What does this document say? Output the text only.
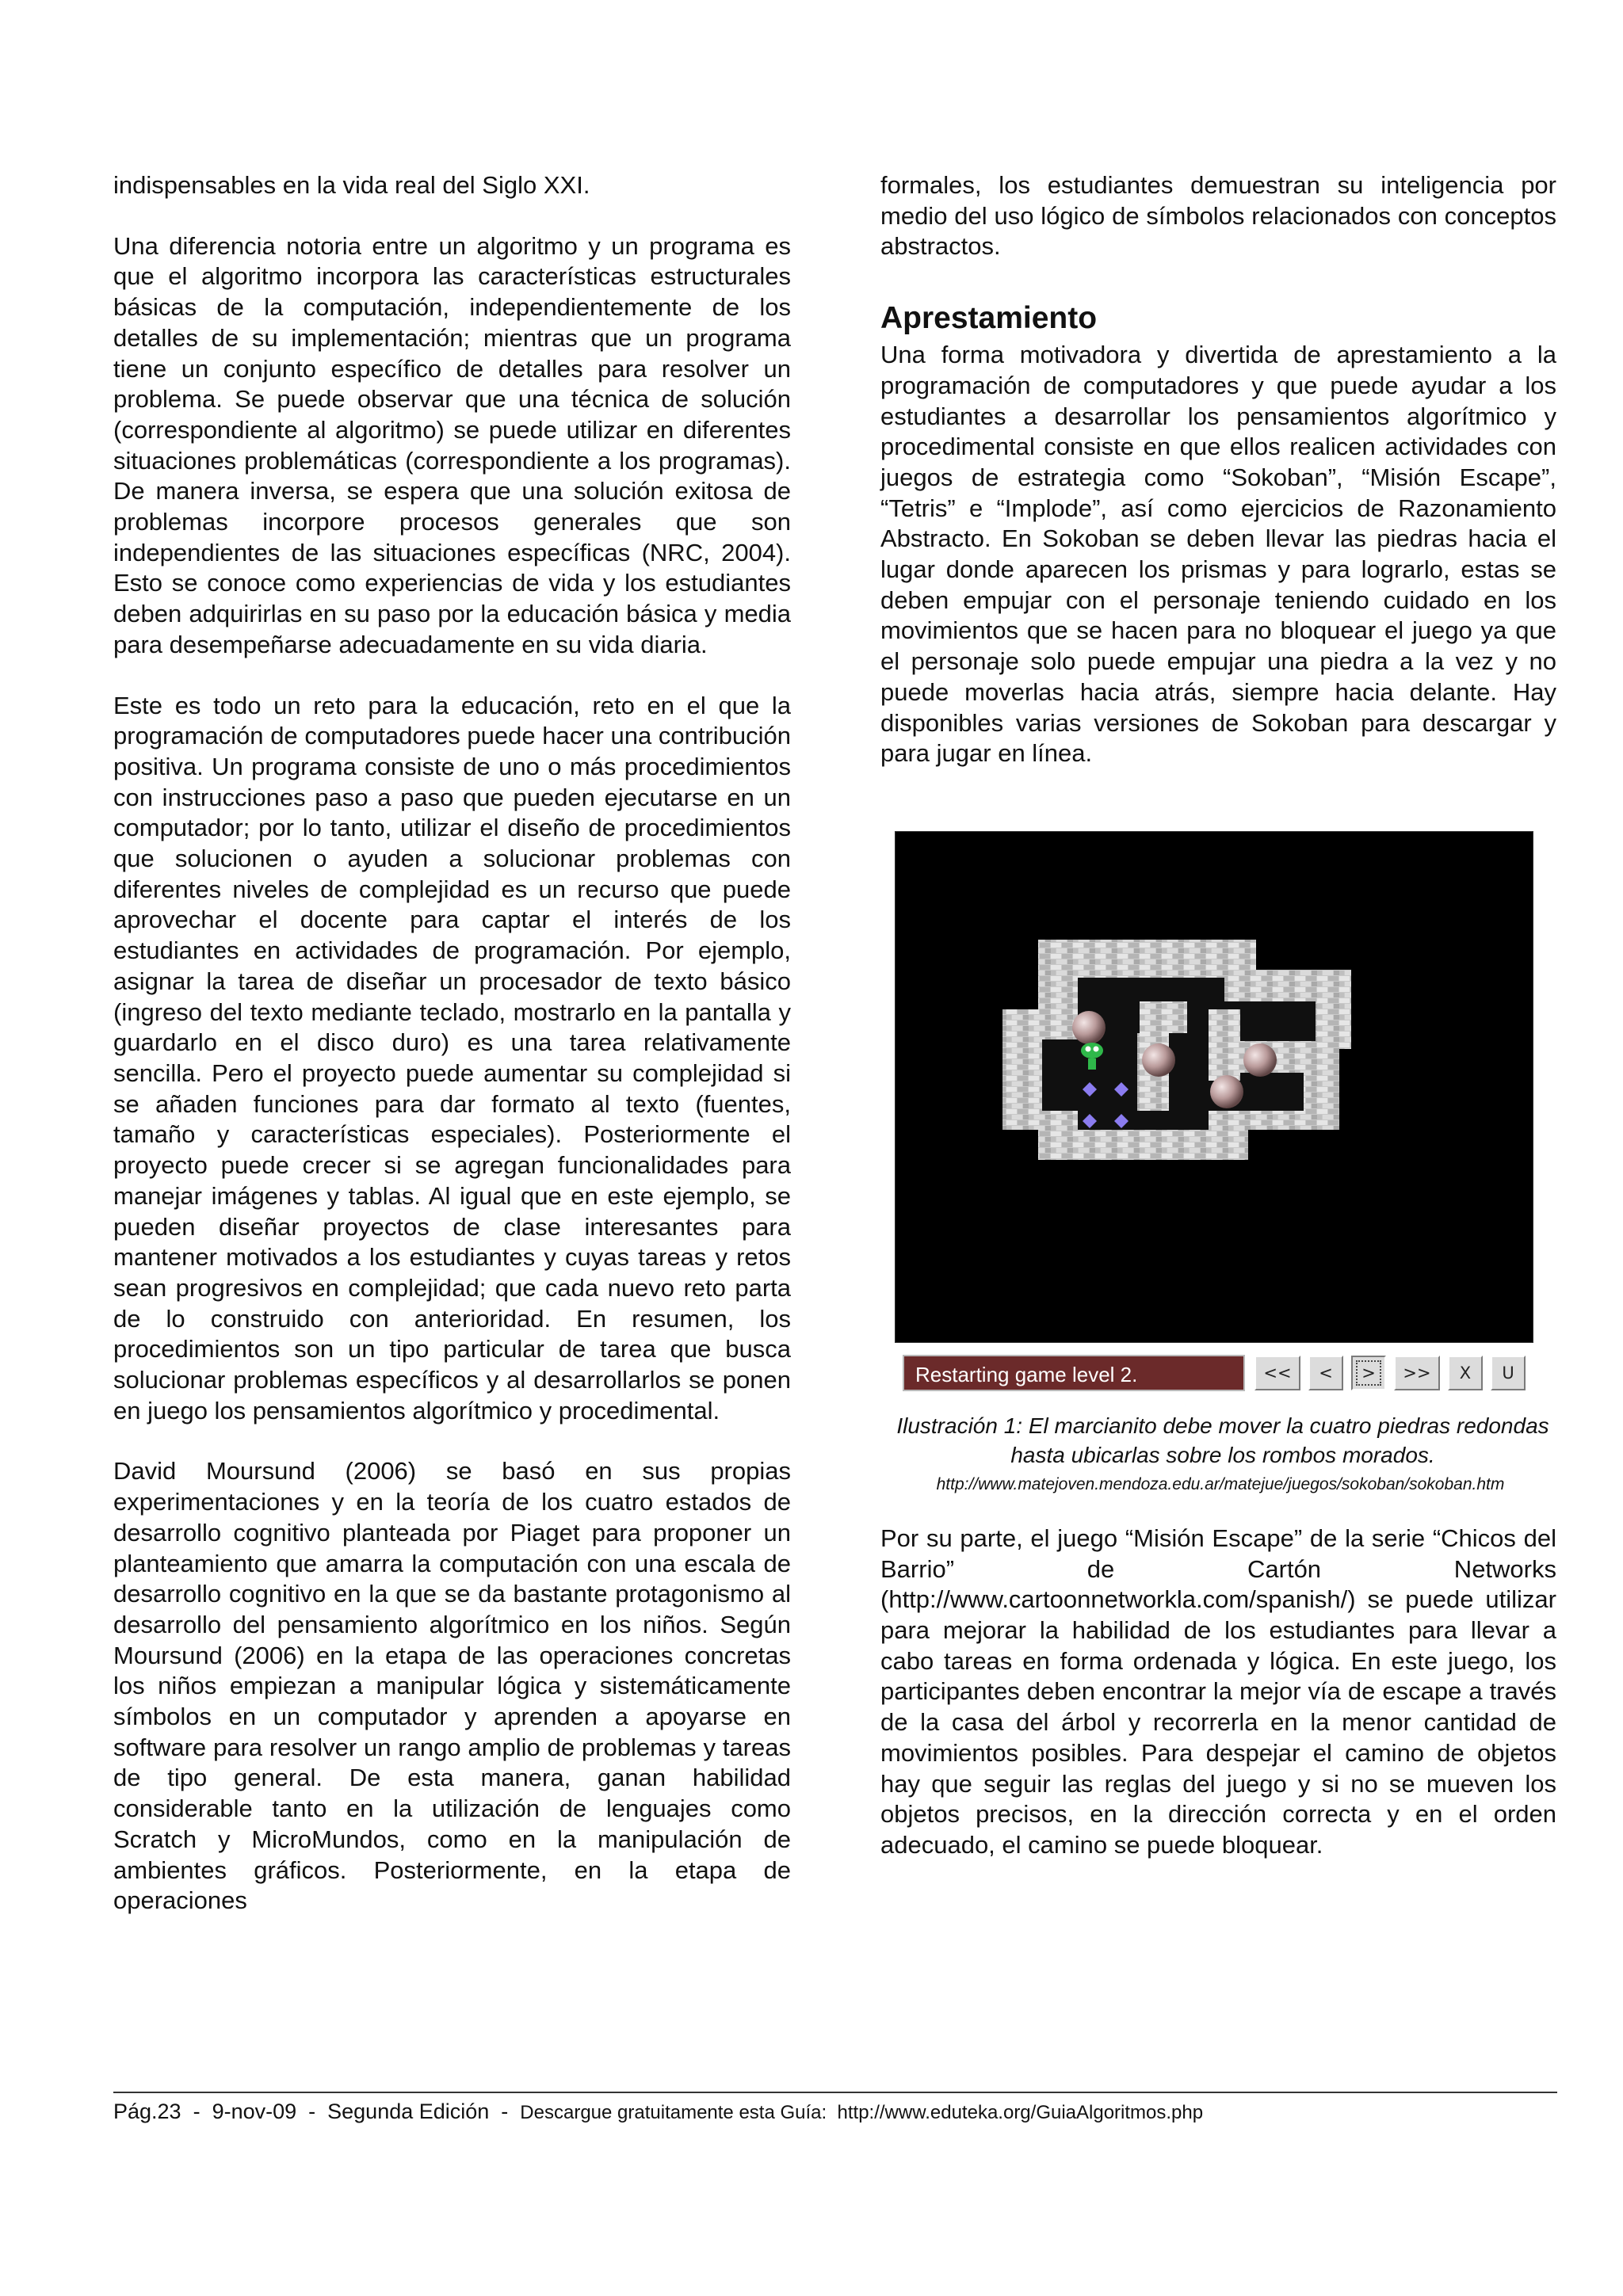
indispensables en la vida real del Siglo XXI.

Una diferencia notoria entre un algoritmo y un programa es que el algoritmo incorpora las características estructurales básicas de la computación, independientemente de los detalles de su implementación; mientras que un programa tiene un conjunto específico de detalles para resolver un problema. Se puede observar que una técnica de solución (correspondiente al algoritmo) se puede utilizar en diferentes situaciones problemáticas (correspondiente a los programas). De manera inversa, se espera que una solución exitosa de problemas incorpore procesos generales que son independientes de las situaciones específicas (NRC, 2004). Esto se conoce como experiencias de vida y los estudiantes deben adquirirlas en su paso por la educación básica y media para desempeñarse adecuadamente en su vida diaria.

Este es todo un reto para la educación, reto en el que la programación de computadores puede hacer una contribución positiva. Un programa consiste de uno o más procedimientos con instrucciones paso a paso que pueden ejecutarse en un computador; por lo tanto, utilizar el diseño de procedimientos que solucionen o ayuden a solucionar problemas con diferentes niveles de complejidad es un recurso que puede aprovechar el docente para captar el interés de los estudiantes en actividades de programación. Por ejemplo, asignar la tarea de diseñar un procesador de texto básico (ingreso del texto mediante teclado, mostrarlo en la pantalla y guardarlo en el disco duro) es una tarea relativamente sencilla. Pero el proyecto puede aumentar su complejidad si se añaden funciones para dar formato al texto (fuentes, tamaño y características especiales). Posteriormente el proyecto puede crecer si se agregan funcionalidades para manejar imágenes y tablas. Al igual que en este ejemplo, se pueden diseñar proyectos de clase interesantes para mantener motivados a los estudiantes y cuyas tareas y retos sean progresivos en complejidad; que cada nuevo reto parta de lo construido con anterioridad. En resumen, los procedimientos son un tipo particular de tarea que busca solucionar problemas específicos y al desarrollarlos se ponen en juego los pensamientos algorítmico y procedimental.

David Moursund (2006) se basó en sus propias experimentaciones y en la teoría de los cuatro estados de desarrollo cognitivo planteada por Piaget para proponer un planteamiento que amarra la computación con una escala de desarrollo cognitivo en la que se da bastante protagonismo al desarrollo del pensamiento algorítmico en los niños. Según Moursund (2006) en la etapa de las operaciones concretas los niños empiezan a manipular lógica y sistemáticamente símbolos en un computador y aprenden a apoyarse en software para resolver un rango amplio de problemas y tareas de tipo general. De esta manera, ganan habilidad considerable tanto en la utilización de lenguajes como Scratch y MicroMundos, como en la manipulación de ambientes gráficos. Posteriormente, en la etapa de operaciones

formales, los estudiantes demuestran su inteligencia por medio del uso lógico de símbolos relacionados con conceptos abstractos.

Aprestamiento

Una forma motivadora y divertida de aprestamiento a la programación de computadores y que puede ayudar a los estudiantes a desarrollar los pensamientos algorítmico y procedimental consiste en que ellos realicen actividades con juegos de estrategia como “Sokoban”, “Misión Escape”, “Tetris” e “Implode”, así como ejercicios de Razonamiento Abstracto. En Sokoban se deben llevar las piedras hacia el lugar donde aparecen los prismas y para lograrlo, estas se deben empujar con el personaje teniendo cuidado en los movimientos que se hacen para no bloquear el juego ya que el personaje solo puede empujar una piedra a la vez y no puede moverlas hacia atrás, siempre hacia delante. Hay disponibles varias versiones de Sokoban para descargar y para jugar en línea.

Restarting game level 2.	<<	<	>	>>	X	U
Ilustración 1: El marcianito debe mover la cuatro piedras redondas hasta ubicarlas sobre los rombos morados.
http://www.matejoven.mendoza.edu.ar/matejue/juegos/sokoban/sokoban.htm

Por su parte, el juego “Misión Escape” de la serie “Chicos del Barrio” de Cartón Networks (http://www.cartoonnetworkla.com/spanish/) se puede utilizar para mejorar la habilidad de los estudiantes para llevar a cabo tareas en forma ordenada y lógica. En este juego, los participantes deben encontrar la mejor vía de escape a través de la casa del árbol y recorrerla en la menor cantidad de movimientos posibles. Para despejar el camino de objetos hay que seguir las reglas del juego y si no se mueven los objetos precisos, en la dirección correcta y en el orden adecuado, el camino se puede bloquear.

Pág.23  -  9-nov-09  -  Segunda Edición  -  Descargue gratuitamente esta Guía:  http://www.eduteka.org/GuiaAlgoritmos.php
